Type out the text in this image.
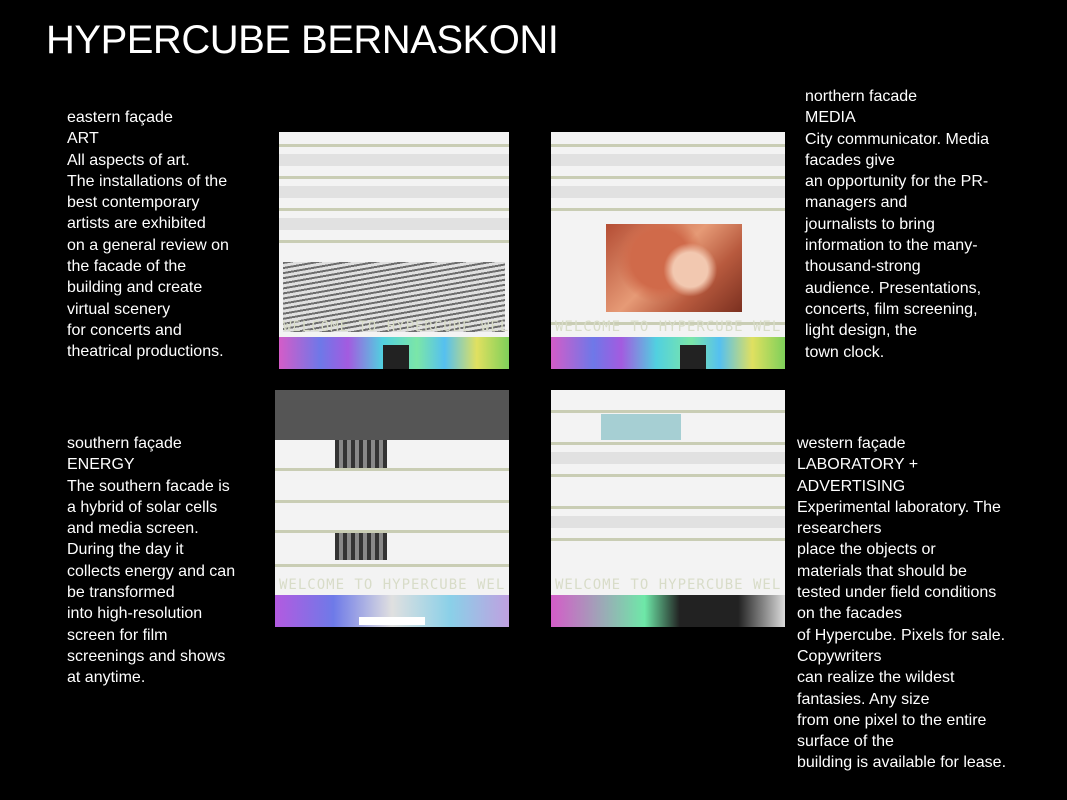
HYPERCUBE BERNASKONI
eastern façade
ART
All aspects of art.
The installations of the
best contemporary
artists are exhibited
on a general review on
the facade of the
building and create
virtual scenery
for concerts and
theatrical productions.
northern facade
MEDIA
City communicator. Media
facades give
an opportunity for the PR-
managers and
journalists to bring
information to the many-
thousand-strong
audience. Presentations,
concerts, film screening,
light design, the
town clock.
southern façade
ENERGY
The southern facade is
a hybrid of solar cells
and media screen.
During the day it
collects energy and can
be transformed
into high-resolution
screen for film
screenings and shows
at anytime.
western façade
LABORATORY +
ADVERTISING
Experimental laboratory. The
researchers
place the objects or
materials that should be
tested under field conditions
on the facades
of Hypercube. Pixels for sale.
Copywriters
can realize the wildest
fantasies. Any size
from one pixel to the entire
surface of the
building is available for lease.
WELCOME TO HYPERCUBE WEL	WELCOME TO HYPERCUBE WEL
WELCOME TO HYPERCUBE WEL	WELCOME TO HYPERCUBE WEL
